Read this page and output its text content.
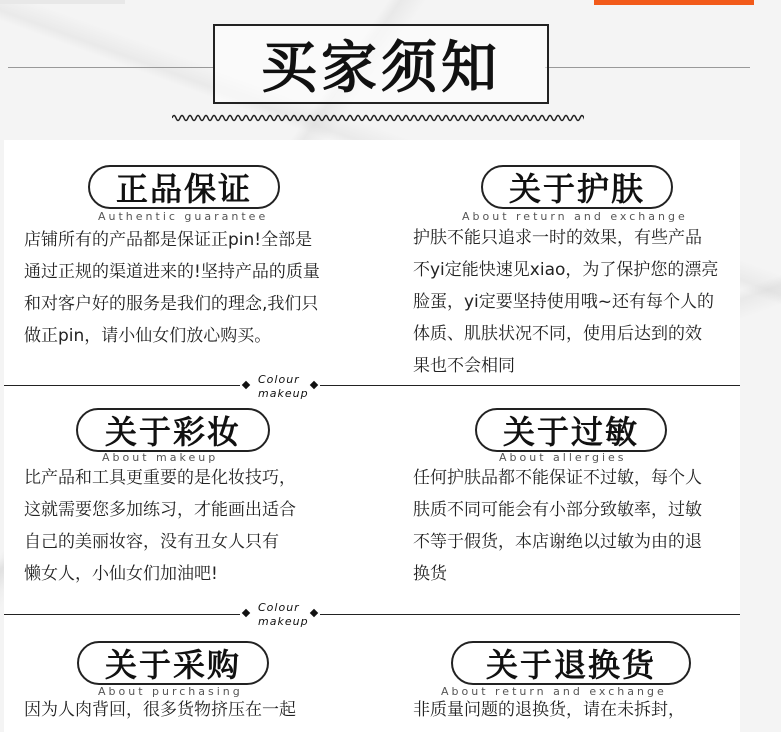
买家须知
正品保证
Authentic guarantee
店铺所有的产品都是保证正pin!全部是
通过正规的渠道进来的!坚持产品的质量
和对客户好的服务是我们的理念,我们只
做正pin，请小仙女们放心购买。
关于护肤
About return and exchange
护肤不能只追求一时的效果，有些产品
不yi定能快速见xiao，为了保护您的漂亮
脸蛋，yi定要坚持使用哦~还有每个人的
体质、肌肤状况不同，使用后达到的效
果也不会相同
Colour
makeup
关于彩妆
About makeup
比产品和工具更重要的是化妆技巧，
这就需要您多加练习，才能画出适合
自己的美丽妆容，没有丑女人只有
懒女人，小仙女们加油吧!
关于过敏
About allergies
任何护肤品都不能保证不过敏，每个人
肤质不同可能会有小部分致敏率，过敏
不等于假货，本店谢绝以过敏为由的退
换货
Colour
makeup
关于采购
About purchasing
因为人肉背回，很多货物挤压在一起
关于退换货
About return and exchange
非质量问题的退换货，请在未拆封，
